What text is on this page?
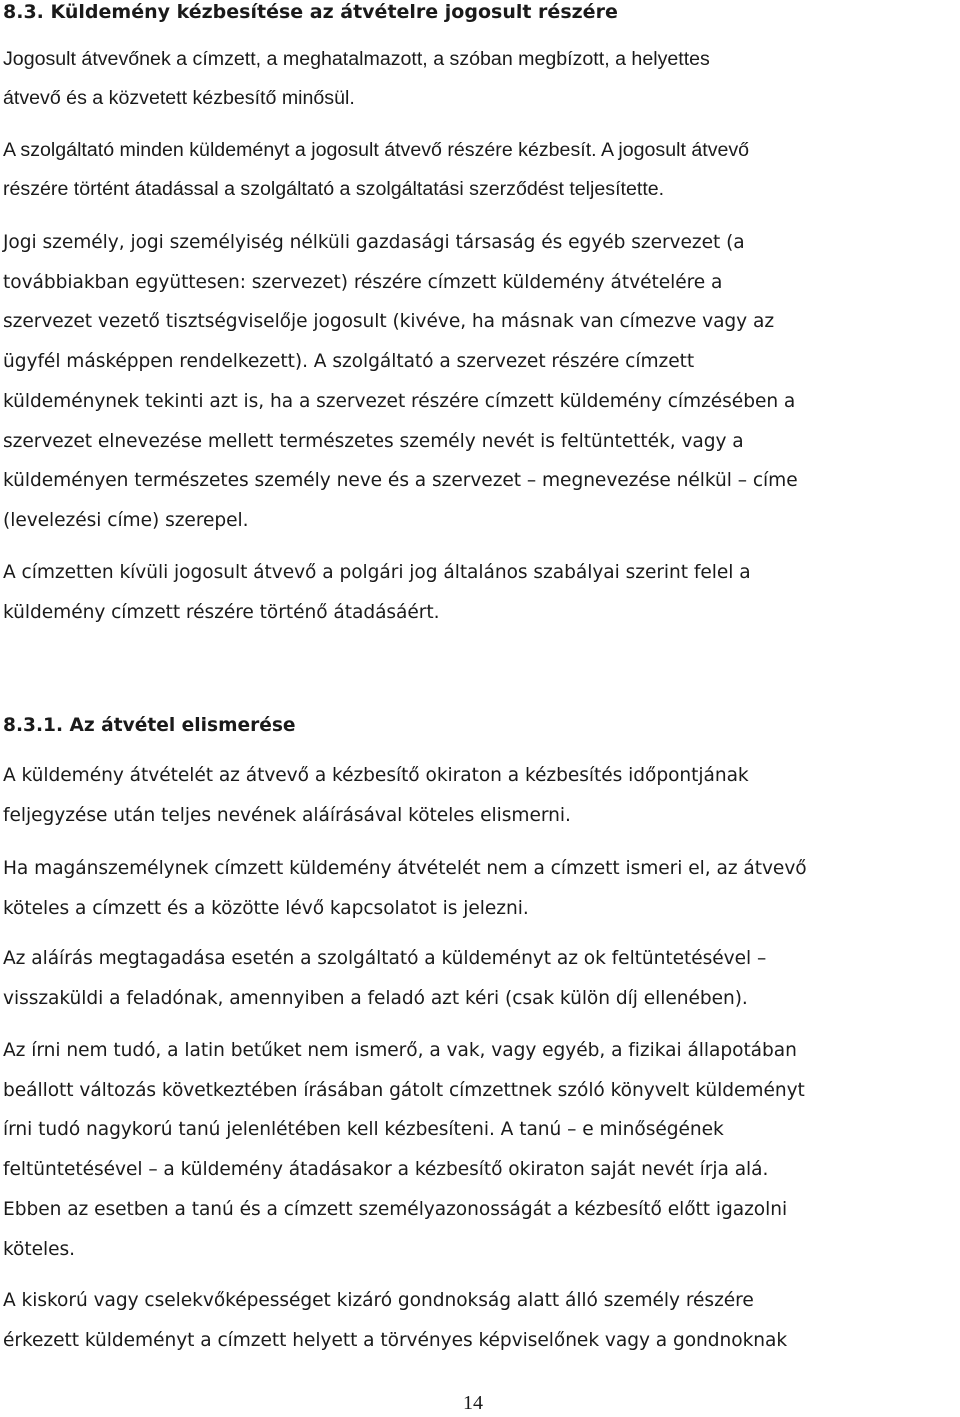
8.3. Küldemény kézbesítése az átvételre jogosult részére

Jogosult átvevőnek a címzett, a meghatalmazott, a szóban megbízott, a helyettes
átvevő és a közvetett kézbesítő minősül.

A szolgáltató minden küldeményt a jogosult átvevő részére kézbesít. A jogosult átvevő
részére történt átadással a szolgáltató a szolgáltatási szerződést teljesítette.

Jogi személy, jogi személyiség nélküli gazdasági társaság és egyéb szervezet (a
továbbiakban együttesen: szervezet) részére címzett küldemény átvételére a
szervezet vezető tisztségviselője jogosult (kivéve, ha másnak van címezve vagy az
ügyfél másképpen rendelkezett). A szolgáltató a szervezet részére címzett
küldeménynek tekinti azt is, ha a szervezet részére címzett küldemény címzésében a
szervezet elnevezése mellett természetes személy nevét is feltüntették, vagy a
küldeményen természetes személy neve és a szervezet – megnevezése nélkül – címe
(levelezési címe) szerepel.

A címzetten kívüli jogosult átvevő a polgári jog általános szabályai szerint felel a
küldemény címzett részére történő átadásáért.

8.3.1. Az átvétel elismerése

A küldemény átvételét az átvevő a kézbesítő okiraton a kézbesítés időpontjának
feljegyzése után teljes nevének aláírásával köteles elismerni.

Ha magánszemélynek címzett küldemény átvételét nem a címzett ismeri el, az átvevő
köteles a címzett és a közötte lévő kapcsolatot is jelezni.

Az aláírás megtagadása esetén a szolgáltató a küldeményt az ok feltüntetésével –
visszaküldi a feladónak, amennyiben a feladó azt kéri (csak külön díj ellenében).

Az írni nem tudó, a latin betűket nem ismerő, a vak, vagy egyéb, a fizikai állapotában
beállott változás következtében írásában gátolt címzettnek szóló könyvelt küldeményt
írni tudó nagykorú tanú jelenlétében kell kézbesíteni. A tanú – e minőségének
feltüntetésével – a küldemény átadásakor a kézbesítő okiraton saját nevét írja alá.
Ebben az esetben a tanú és a címzett személyazonosságát a kézbesítő előtt igazolni
köteles.

A kiskorú vagy cselekvőképességet kizáró gondnokság alatt álló személy részére
érkezett küldeményt a címzett helyett a törvényes képviselőnek vagy a gondnoknak

14
